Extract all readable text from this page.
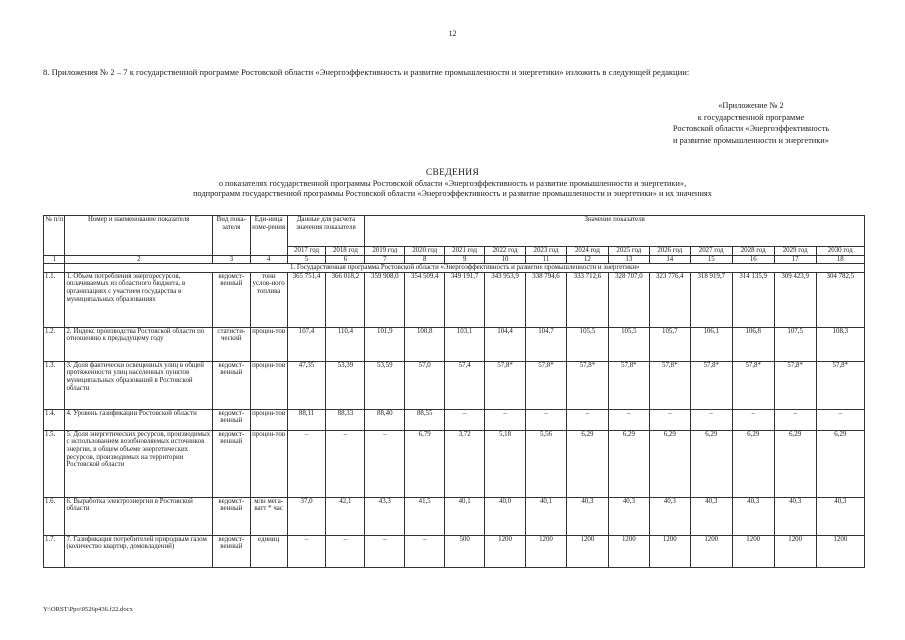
12
8. Приложения № 2 – 7 к государственной программе Ростовской области «Энергоэффективность и развитие промышленности и энергетики» изложить в следующей редакции:
«Приложение № 2
к государственной программе
Ростовской области «Энергоэффективность
и развитие промышленности и энергетики»
СВЕДЕНИЯ
о показателях государственной программы Ростовской области «Энергоэффективность и развитие промышленности и энергетики»,
подпрограмм государственной программы Ростовской области «Энергоэффективность и развитие промышленности и энергетики» и их значениях
№ п/п	Номер и наименование показателя	Вид пока-зателя	Еди-ница изме-рения	Данные для расчета значения показателя		Значение показателя											
				2017 год	2018 год	2019 год	2020 год	2021 год	2022 год	2023 год	2024 год	2025 год	2026 год	2027 год	2028 год	2029 год	2030 год
1	2	3	4	5	6	7	8	9	10	11	12	13	14	15	16	17	18
	1. Государственная программа Ростовской области «Энергоэффективность и развитие промышленности и энергетики»																
1.1.	1. Объем потребления энергоресурсов, оплачиваемых из областного бюджета, в организациях с участием государства в муниципальных образованиях	ведомст-венный	тонн услов-ного топлива	365 751,4	366 018,2	359 908,0	354 509,4	349 191,7	343 953,9	338 794,6	333 712,6	328 707,0	323 776,4	318 919,7	314 135,9	309 423,9	304 782,5
1.2.	2. Индекс производства Ростовской области по отношению к предыдущему году	статисти-ческий	процен-тов	107,4	110,4	101,9	100,8	103,1	104,4	104,7	105,5	105,5	105,7	106,1	106,8	107,5	108,3
1.3.	3. Доля фактически освещенных улиц в общей протяженности улиц населенных пунктов муниципальных образований в Ростовской области	ведомст-венный	процен-тов	47,35	53,39	53,59	57,0	57,4	57,8*	57,8*	57,8*	57,8*	57,8*	57,8*	57,8*	57,8*	57,8*
1.4.	4. Уровень газификации Ростовской области	ведомст-венный	процен-тов	88,11	88,33	88,40	88,55	–	–	–	–	–	–	–	–	–	–
1.5.	5. Доля энергетических ресурсов, производимых с использованием возобновляемых источников энергии, в общем объеме энергетических ресурсов, производимых на территории Ростовской области	ведомст-венный	процен-тов	–	–	–	6,79	3,72	5,18	5,56	6,29	6,29	6,29	6,29	6,29	6,29	6,29
1.6.	6. Выработка электроэнергии в Ростовской области	ведомст-венный	млн мега-ватт * час	37,0	42,1	43,3	41,5	40,1	40,0	40,1	40,3	40,3	40,3	40,3	40,3	40,3	40,3
1.7.	7. Газификация потребителей природным газом (количество квартир, домовладений)	ведомст-венный	единиц	–	–	–	–	500	1200	1200	1200	1200	1200	1200	1200	1200	1200
Y:\ORST\Ppo\0526p436.f22.docx
